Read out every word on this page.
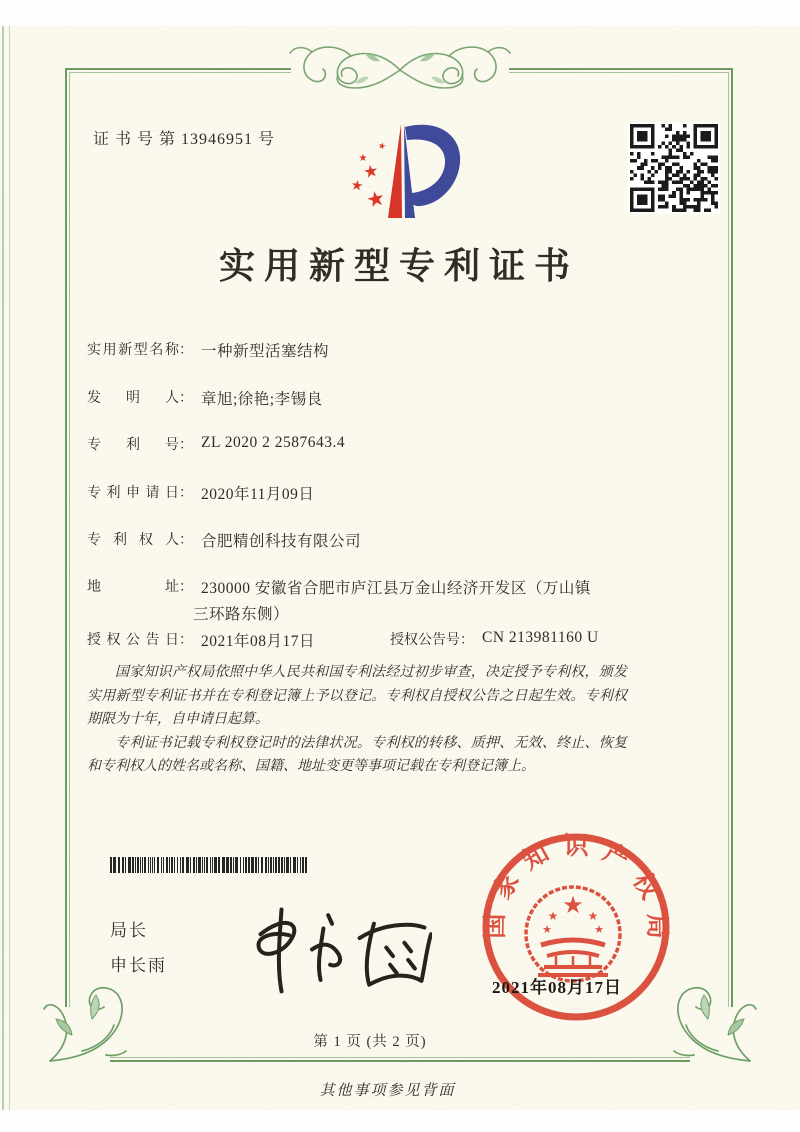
证 书 号 第 13946951 号
★
★
★
★
★
实用新型专利证书
实用新型名称： 一种新型活塞结构
发明人： 章旭;徐艳;李锡良
专利号： ZL 2020 2 2587643.4
专利申请日： 2020年11月09日
专利权人： 合肥精创科技有限公司
地址： 230000 安徽省合肥市庐江县万金山经济开发区（万山镇
三环路东侧）
授权公告日： 2021年08月17日	授权公告号： CN 213981160 U

国家知识产权局依照中华人民共和国专利法经过初步审查，决定授予专利权，颁发实用新型专利证书并在专利登记簿上予以登记。专利权自授权公告之日起生效。专利权期限为十年，自申请日起算。

专利证书记载专利权登记时的法律状况。专利权的转移、质押、无效、终止、恢复和专利权人的姓名或名称、国籍、地址变更等事项记载在专利登记簿上。

局长
申长雨
国家知识产权局
★
★ ★
★	★
2021年08月17日
第 1 页 (共 2 页)
其他事项参见背面
